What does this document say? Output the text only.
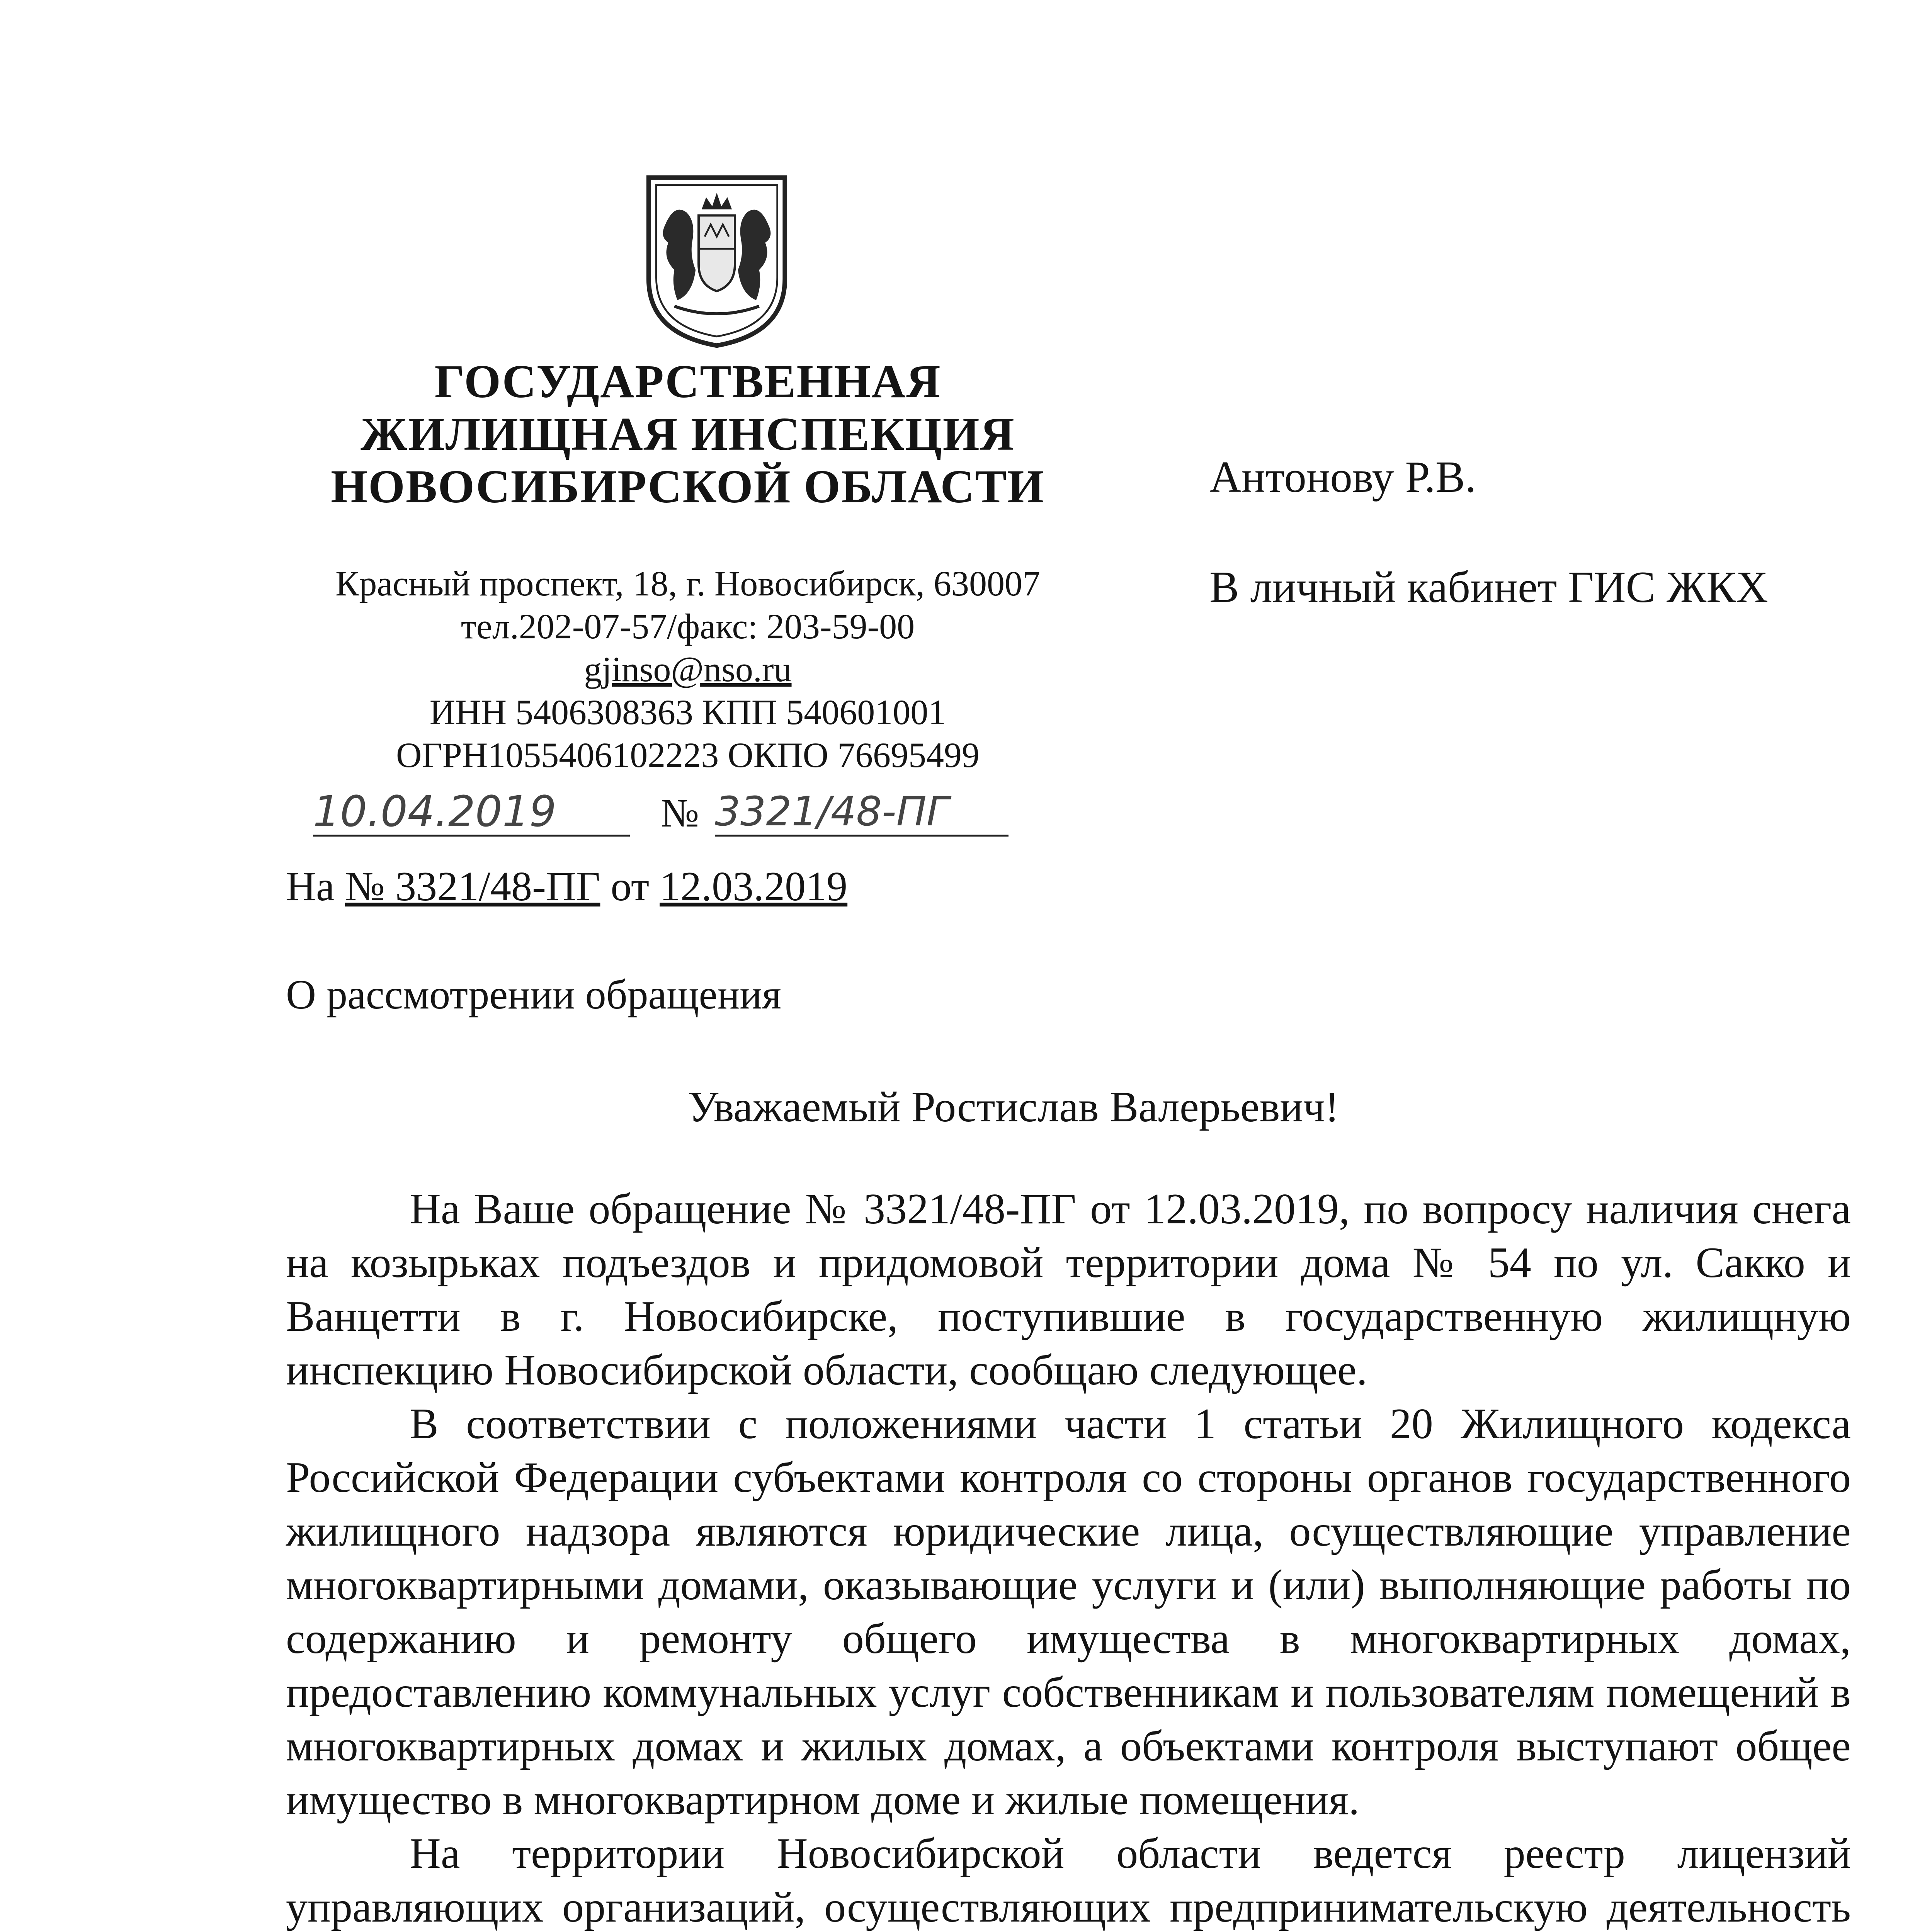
ГОСУДАРСТВЕННАЯ
ЖИЛИЩНАЯ ИНСПЕКЦИЯ
НОВОСИБИРСКОЙ ОБЛАСТИ
Красный проспект, 18, г. Новосибирск, 630007
тел.202-07-57/факс: 203-59-00
gjinso@nso.ru
ИНН 5406308363 КПП 540601001
ОГРН1055406102223 ОКПО 76695499
10.04.2019	№ 3321/48-ПГ
На № 3321/48-ПГ от 12.03.2019
Антонову Р.В.
В личный кабинет ГИС ЖКХ
О рассмотрении обращения
Уважаемый Ростислав Валерьевич!

На Ваше обращение № 3321/48-ПГ от 12.03.2019, по вопросу наличия снега на козырьках подъездов и придомовой территории дома № 54 по ул. Сакко и Ванцетти в г. Новосибирске, поступившие в государственную жилищную инспекцию Новосибирской области, сообщаю следующее.

В соответствии с положениями части 1 статьи 20 Жилищного кодекса Российской Федерации субъектами контроля со стороны органов государственного жилищного надзора являются юридические лица, осуществляющие управление многоквартирными домами, оказывающие услуги и (или) выполняющие работы по содержанию и ремонту общего имущества в многоквартирных домах, предоставлению коммунальных услуг собственникам и пользователям помещений в многоквартирных домах и жилых домах, а объектами контроля выступают общее имущество в многоквартирном доме и жилые помещения.

На территории Новосибирской области ведется реестр лицензий управляющих организаций, осуществляющих предпринимательскую деятельность
